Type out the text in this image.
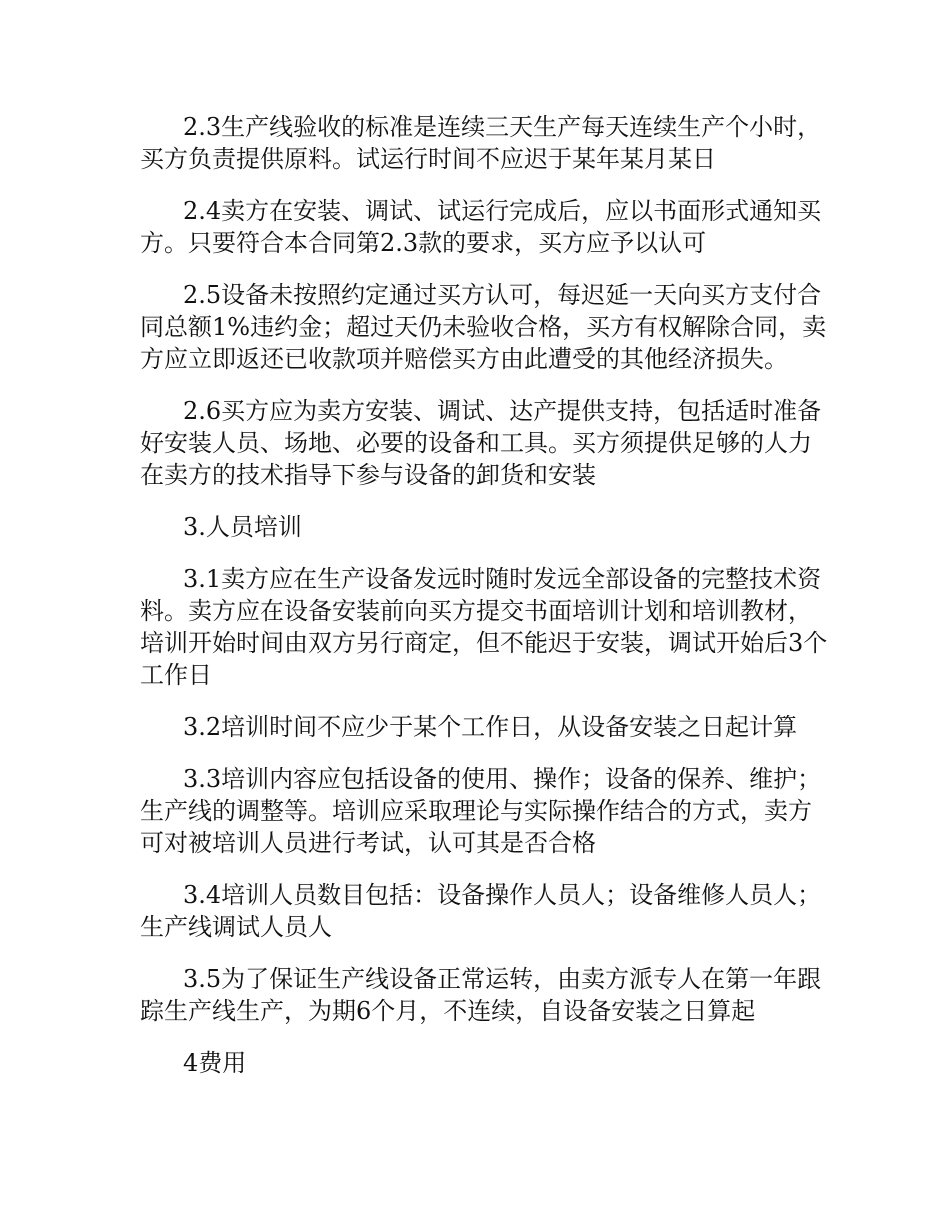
2.3生产线验收的标准是连续三天生产每天连续生产个小时，买方负责提供原料。试运行时间不应迟于某年某月某日

2.4卖方在安装、调试、试运行完成后，应以书面形式通知买方。只要符合本合同第2.3款的要求，买方应予以认可

2.5设备未按照约定通过买方认可，每迟延一天向买方支付合同总额1%违约金；超过天仍未验收合格，买方有权解除合同，卖方应立即返还已收款项并赔偿买方由此遭受的其他经济损失。

2.6买方应为卖方安装、调试、达产提供支持，包括适时准备好安装人员、场地、必要的设备和工具。买方须提供足够的人力在卖方的技术指导下参与设备的卸货和安装

3.人员培训

3.1卖方应在生产设备发远时随时发远全部设备的完整技术资料。卖方应在设备安装前向买方提交书面培训计划和培训教材，培训开始时间由双方另行商定，但不能迟于安装，调试开始后3个工作日

3.2培训时间不应少于某个工作日，从设备安装之日起计算

3.3培训内容应包括设备的使用、操作；设备的保养、维护；生产线的调整等。培训应采取理论与实际操作结合的方式，卖方可对被培训人员进行考试，认可其是否合格

3.4培训人员数目包括：设备操作人员人；设备维修人员人；生产线调试人员人

3.5为了保证生产线设备正常运转，由卖方派专人在第一年跟踪生产线生产，为期6个月，不连续，自设备安装之日算起

4费用
